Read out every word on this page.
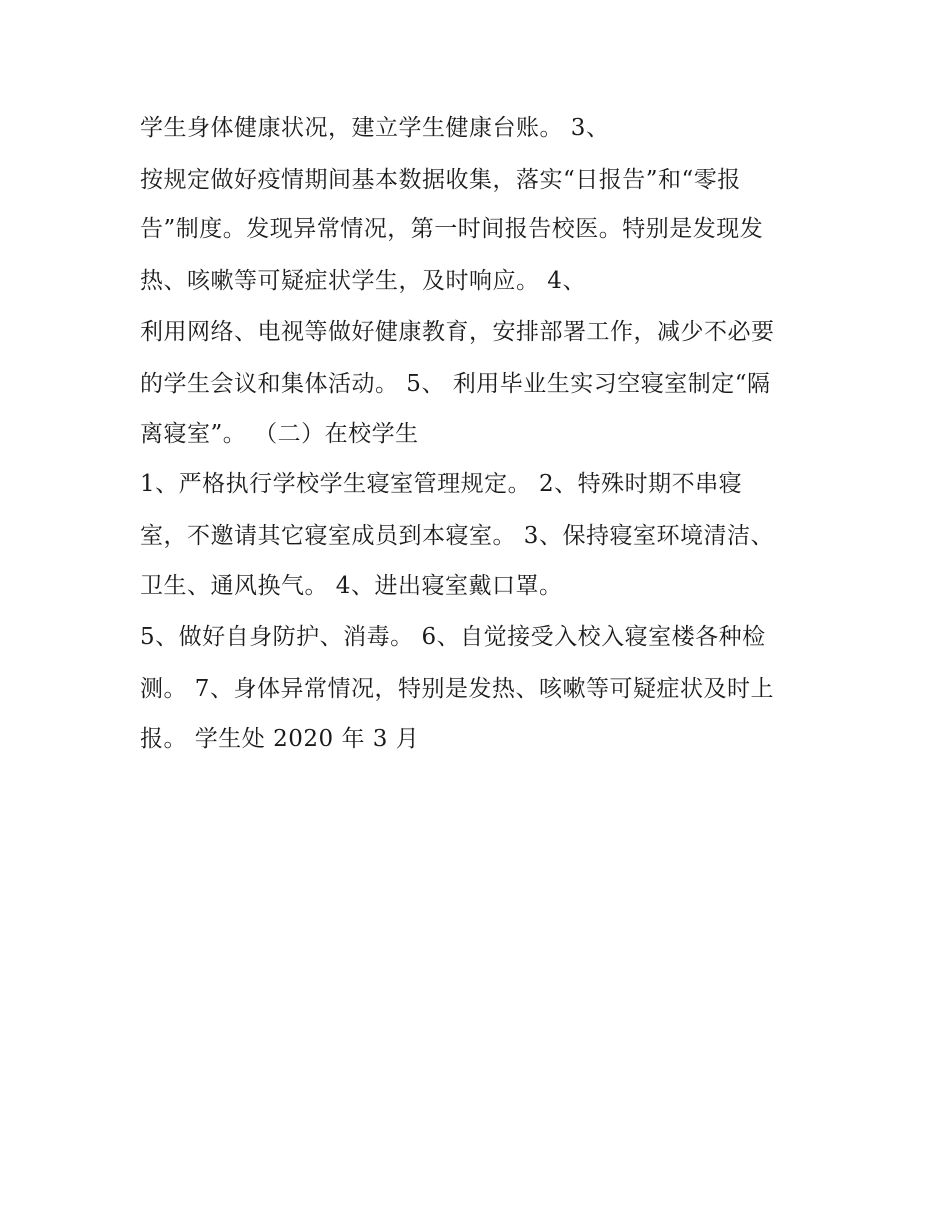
学生身体健康状况，建立学生健康台账。 3、
按规定做好疫情期间基本数据收集，落实“日报告”和“零报
告”制度。发现异常情况，第一时间报告校医。特别是发现发
热、咳嗽等可疑症状学生，及时响应。 4、
利用网络、电视等做好健康教育，安排部署工作，减少不必要
的学生会议和集体活动。 5、 利用毕业生实习空寝室制定“隔
离寝室”。 （二）在校学生
1、严格执行学校学生寝室管理规定。 2、特殊时期不串寝
室，不邀请其它寝室成员到本寝室。 3、保持寝室环境清洁、
卫生、通风换气。 4、进出寝室戴口罩。
5、做好自身防护、消毒。 6、自觉接受入校入寝室楼各种检
测。 7、身体异常情况，特别是发热、咳嗽等可疑症状及时上
报。 学生处 2020 年 3 月
